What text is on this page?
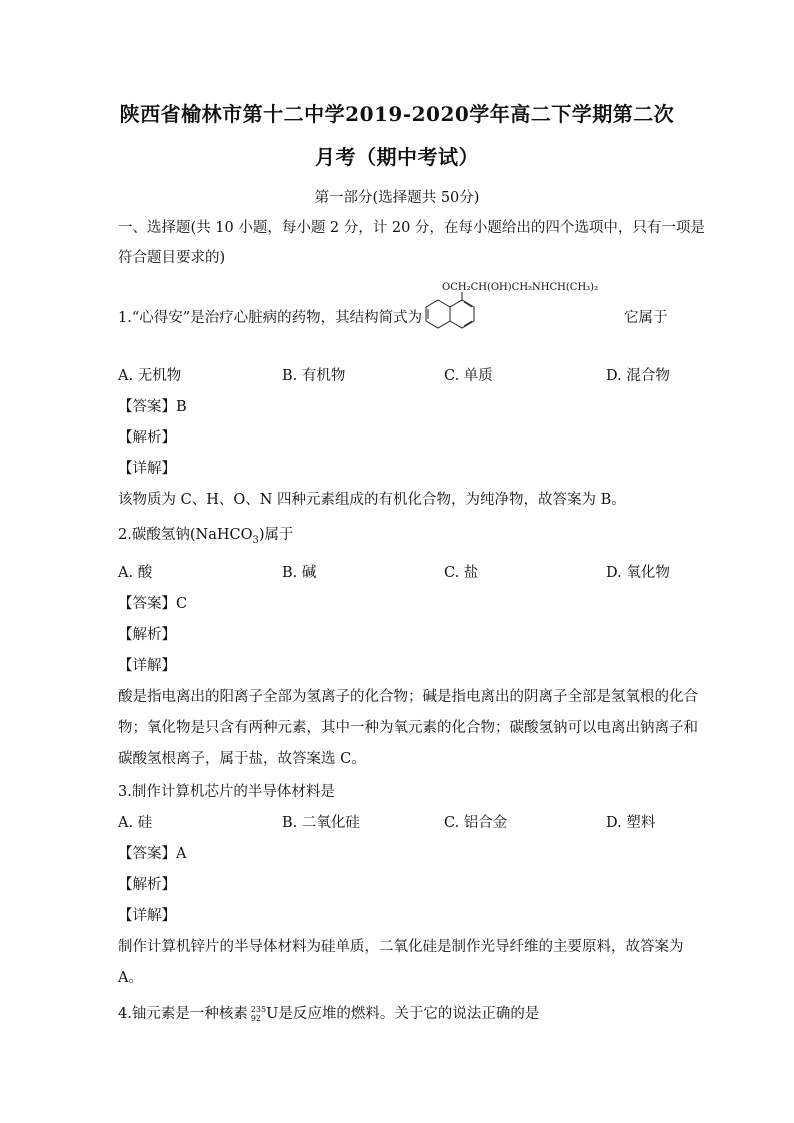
陕西省榆林市第十二中学2019-2020学年高二下学期第二次
月考（期中考试）
第一部分(选择题共 50分)
一、选择题(共 10 小题，每小题 2 分，计 20 分，在每小题给出的四个选项中，只有一项是
符合题目要求的)
1.“心得安”是治疗心脏病的药物，其结构简式为
OCH₂CH(OH)CH₂NHCH(CH₃)₂
它属于
A. 无机物	B. 有机物	C. 单质	D. 混合物
【答案】B
【解析】
【详解】
该物质为 C、H、O、N 四种元素组成的有机化合物，为纯净物，故答案为 B。
2.碳酸氢钠(NaHCO$_3$)属于
A. 酸	B. 碱	C. 盐	D. 氧化物
【答案】C
【解析】
【详解】
酸是指电离出的阳离子全部为氢离子的化合物；碱是指电离出的阴离子全部是氢氧根的化合
物；氧化物是只含有两种元素，其中一种为氧元素的化合物；碳酸氢钠可以电离出钠离子和
碳酸氢根离子，属于盐，故答案选 C。
3.制作计算机芯片的半导体材料是
A. 硅	B. 二氧化硅	C. 铝合金	D. 塑料
【答案】A
【解析】
【详解】
制作计算机锌片的半导体材料为硅单质，二氧化硅是制作光导纤维的主要原料，故答案为
A。
4.铀元素是一种核素 235
92 U是反应堆的燃料。关于它的说法正确的是
